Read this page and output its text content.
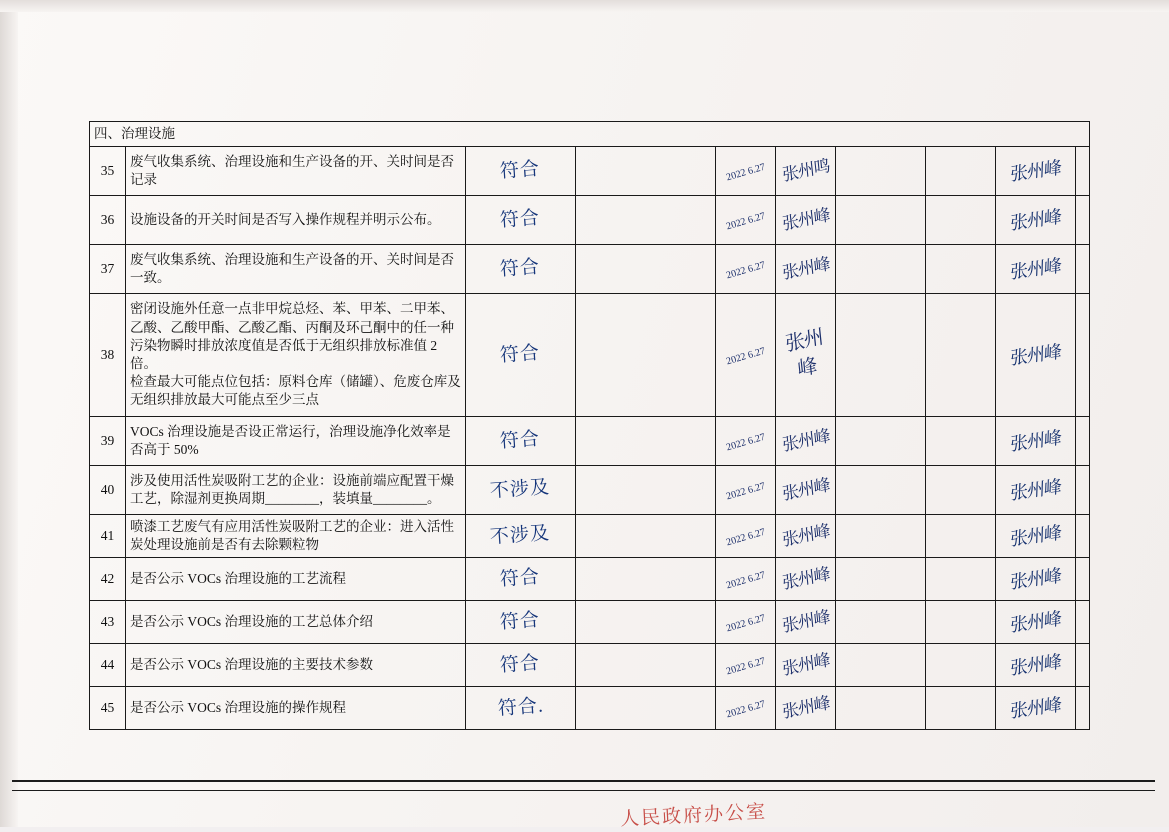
四、治理设施									
35	废气收集系统、治理设施和生产设备的开、关时间是否记录	符合		2022 6.27	张州鸣			张州峰	
36	设施设备的开关时间是否写入操作规程并明示公布。	符合		2022 6.27	张州峰			张州峰	
37	废气收集系统、治理设施和生产设备的开、关时间是否一致。	符合		2022 6.27	张州峰			张州峰	
38	密闭设施外任意一点非甲烷总烃、苯、甲苯、二甲苯、乙酸、乙酸甲酯、乙酸乙酯、丙酮及环己酮中的任一种污染物瞬时排放浓度值是否低于无组织排放标准值 2 倍。
检查最大可能点位包括：原料仓库（储罐）、危废仓库及无组织排放最大可能点至少三点	符合		2022 6.27	张州峰			张州峰	
39	VOCs 治理设施是否设正常运行，治理设施净化效率是否高于 50%	符合		2022 6.27	张州峰			张州峰	
40	涉及使用活性炭吸附工艺的企业：设施前端应配置干燥工艺，除湿剂更换周期________，装填量________。	不涉及		2022 6.27	张州峰			张州峰	
41	喷漆工艺废气有应用活性炭吸附工艺的企业：进入活性炭处理设施前是否有去除颗粒物	不涉及		2022 6.27	张州峰			张州峰	
42	是否公示 VOCs 治理设施的工艺流程	符合		2022 6.27	张州峰			张州峰	
43	是否公示 VOCs 治理设施的工艺总体介绍	符合		2022 6.27	张州峰			张州峰	
44	是否公示 VOCs 治理设施的主要技术参数	符合		2022 6.27	张州峰			张州峰	
45	是否公示 VOCs 治理设施的操作规程	符合.		2022 6.27	张州峰			张州峰	
人民政府办公室
